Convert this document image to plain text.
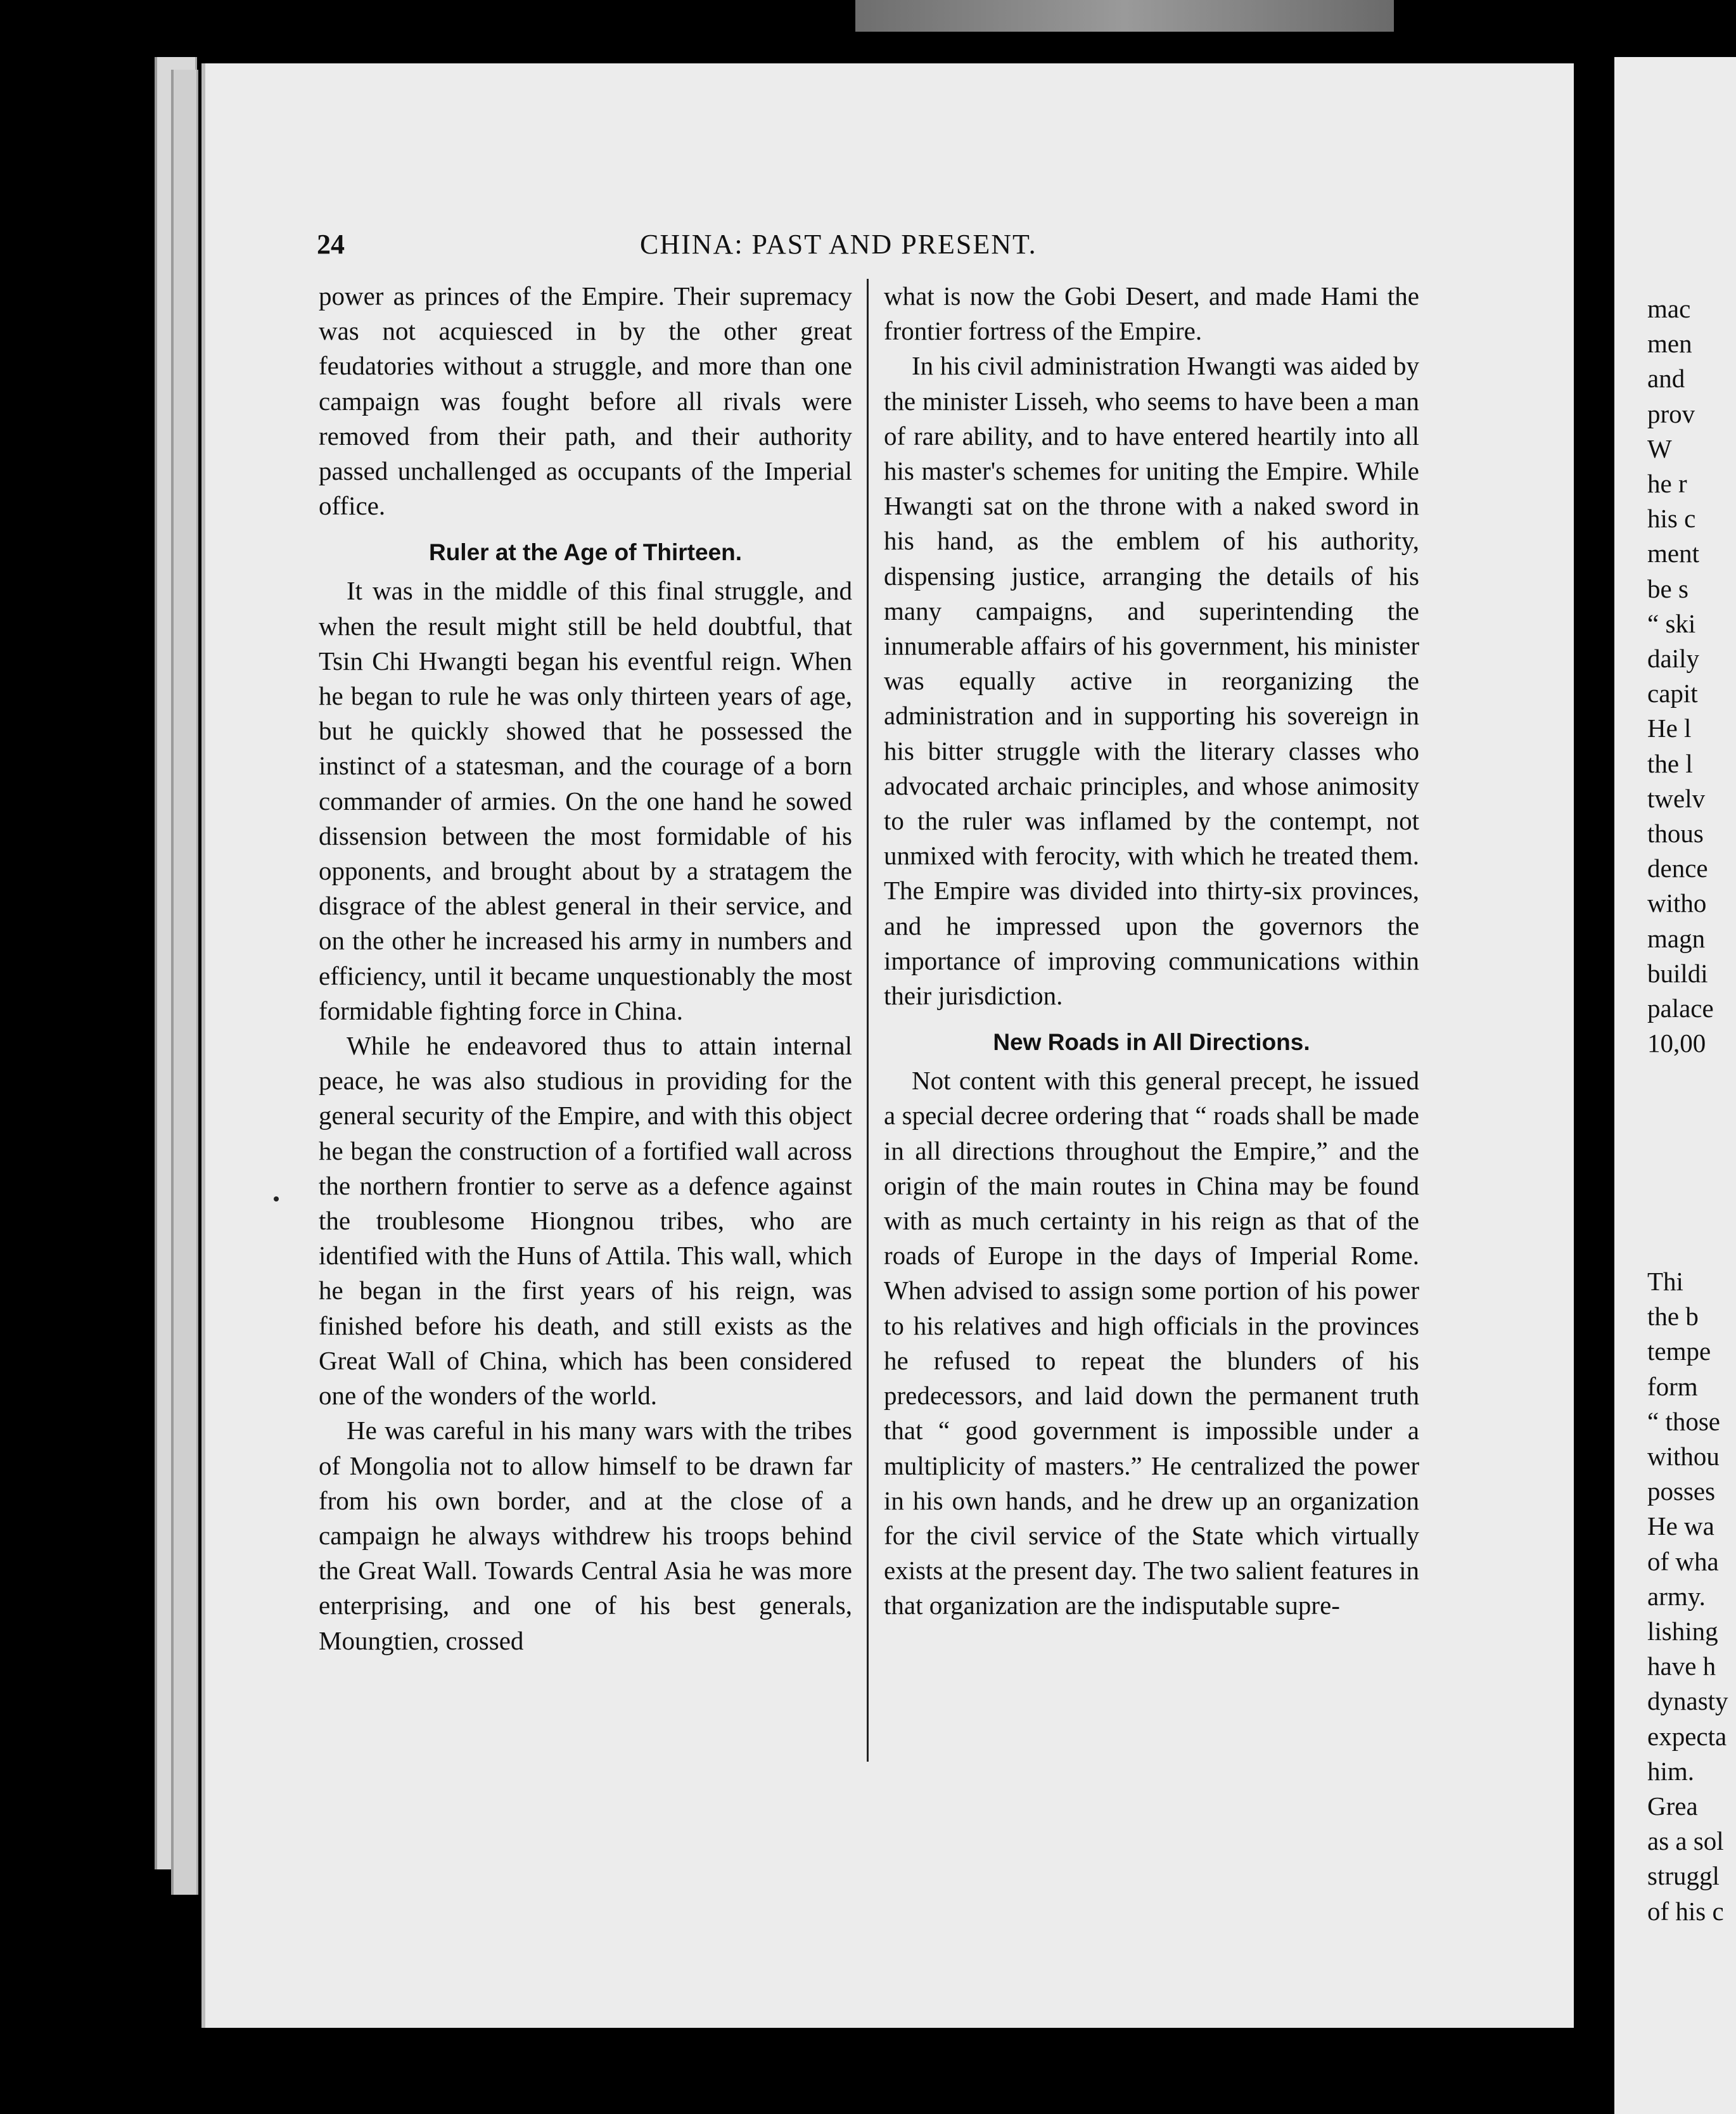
24	CHINA: PAST AND PRESENT.

power as princes of the Empire. Their supremacy was not acquiesced in by the other great feudatories without a struggle, and more than one campaign was fought before all rivals were removed from their path, and their authority passed unchallenged as occupants of the Imperial office.

Ruler at the Age of Thirteen.

It was in the middle of this final struggle, and when the result might still be held doubtful, that Tsin Chi Hwangti began his eventful reign. When he began to rule he was only thirteen years of age, but he quickly showed that he possessed the instinct of a statesman, and the courage of a born commander of armies. On the one hand he sowed dissension between the most formidable of his opponents, and brought about by a stratagem the disgrace of the ablest general in their service, and on the other he increased his army in numbers and efficiency, until it became unquestionably the most formidable fighting force in China.

While he endeavored thus to attain internal peace, he was also studious in providing for the general security of the Empire, and with this object he began the construction of a fortified wall across the northern frontier to serve as a defence against the troublesome Hiongnou tribes, who are identified with the Huns of Attila. This wall, which he began in the first years of his reign, was finished before his death, and still exists as the Great Wall of China, which has been considered one of the wonders of the world.

He was careful in his many wars with the tribes of Mongolia not to allow himself to be drawn far from his own border, and at the close of a campaign he always withdrew his troops behind the Great Wall. Towards Central Asia he was more enterprising, and one of his best generals, Moungtien, crossed

what is now the Gobi Desert, and made Hami the frontier fortress of the Empire.

In his civil administration Hwangti was aided by the minister Lisseh, who seems to have been a man of rare ability, and to have entered heartily into all his master's schemes for uniting the Empire. While Hwangti sat on the throne with a naked sword in his hand, as the emblem of his authority, dispensing justice, arranging the details of his many campaigns, and superintending the innumerable affairs of his government, his minister was equally active in reorganizing the administration and in supporting his sovereign in his bitter struggle with the literary classes who advocated archaic principles, and whose animosity to the ruler was inflamed by the contempt, not unmixed with ferocity, with which he treated them. The Empire was divided into thirty-six provinces, and he impressed upon the governors the importance of improving communications within their jurisdiction.

New Roads in All Directions.

Not content with this general precept, he issued a special decree ordering that “ roads shall be made in all directions throughout the Empire,” and the origin of the main routes in China may be found with as much certainty in his reign as that of the roads of Europe in the days of Imperial Rome. When advised to assign some portion of his power to his relatives and high officials in the provinces he refused to repeat the blunders of his predecessors, and laid down the permanent truth that “ good government is impossible under a multiplicity of masters.” He centralized the power in his own hands, and he drew up an organization for the civil service of the State which virtually exists at the present day. The two salient features in that organization are the indisputable supre-

mac
men
and
prov
W
he r
his c
ment
be s
“ ski
daily
capit
He l
the l
twelv
thous
dence
witho
magn
buildi
palace
10,00
Thi
the b
tempe
form
“ those
withou
posses
He wa
of wha
army.
lishing
have h
dynasty
expecta
him.
Grea
as a sol
struggl
of his c
